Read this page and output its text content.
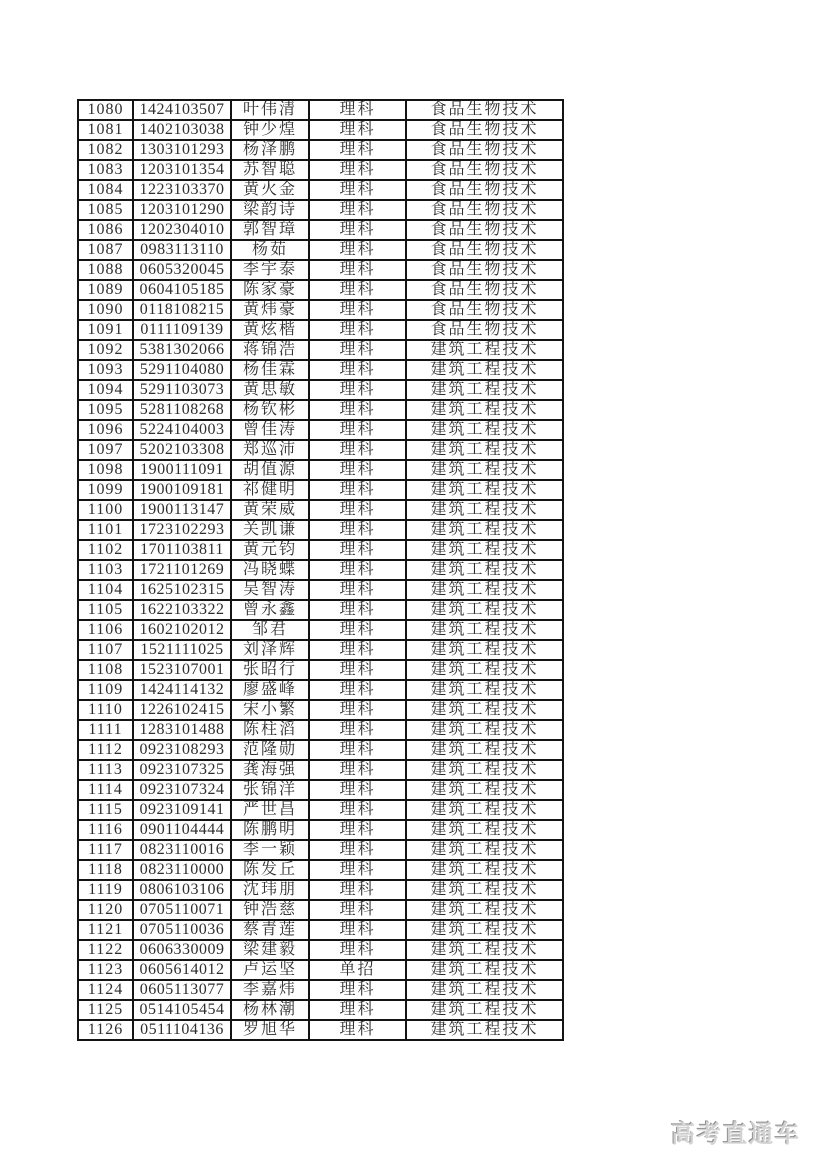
1080	1424103507	叶伟清	理科	食品生物技术
1081	1402103038	钟少煌	理科	食品生物技术
1082	1303101293	杨泽鹏	理科	食品生物技术
1083	1203101354	苏智聪	理科	食品生物技术
1084	1223103370	黄火金	理科	食品生物技术
1085	1203101290	梁韵诗	理科	食品生物技术
1086	1202304010	郭智璋	理科	食品生物技术
1087	0983113110	杨茹	理科	食品生物技术
1088	0605320045	李宇泰	理科	食品生物技术
1089	0604105185	陈家豪	理科	食品生物技术
1090	0118108215	黄炜豪	理科	食品生物技术
1091	0111109139	黄炫楷	理科	食品生物技术
1092	5381302066	蒋锦浩	理科	建筑工程技术
1093	5291104080	杨佳霖	理科	建筑工程技术
1094	5291103073	黄思敏	理科	建筑工程技术
1095	5281108268	杨钦彬	理科	建筑工程技术
1096	5224104003	曾佳涛	理科	建筑工程技术
1097	5202103308	郑巡沛	理科	建筑工程技术
1098	1900111091	胡值源	理科	建筑工程技术
1099	1900109181	祁健明	理科	建筑工程技术
1100	1900113147	黄荣威	理科	建筑工程技术
1101	1723102293	关凯谦	理科	建筑工程技术
1102	1701103811	黄元钧	理科	建筑工程技术
1103	1721101269	冯晓蝶	理科	建筑工程技术
1104	1625102315	吴智涛	理科	建筑工程技术
1105	1622103322	曾永鑫	理科	建筑工程技术
1106	1602102012	邹君	理科	建筑工程技术
1107	1521111025	刘泽辉	理科	建筑工程技术
1108	1523107001	张昭行	理科	建筑工程技术
1109	1424114132	廖盛峰	理科	建筑工程技术
1110	1226102415	宋小繁	理科	建筑工程技术
1111	1283101488	陈柱滔	理科	建筑工程技术
1112	0923108293	范隆勋	理科	建筑工程技术
1113	0923107325	龚海强	理科	建筑工程技术
1114	0923107324	张锦洋	理科	建筑工程技术
1115	0923109141	严世昌	理科	建筑工程技术
1116	0901104444	陈鹏明	理科	建筑工程技术
1117	0823110016	李一颖	理科	建筑工程技术
1118	0823110000	陈发丘	理科	建筑工程技术
1119	0806103106	沈玮朋	理科	建筑工程技术
1120	0705110071	钟浩慈	理科	建筑工程技术
1121	0705110036	蔡青莲	理科	建筑工程技术
1122	0606330009	梁建毅	理科	建筑工程技术
1123	0605614012	卢运坚	单招	建筑工程技术
1124	0605113077	李嘉炜	理科	建筑工程技术
1125	0514105454	杨林潮	理科	建筑工程技术
1126	0511104136	罗旭华	理科	建筑工程技术
高考直通车
